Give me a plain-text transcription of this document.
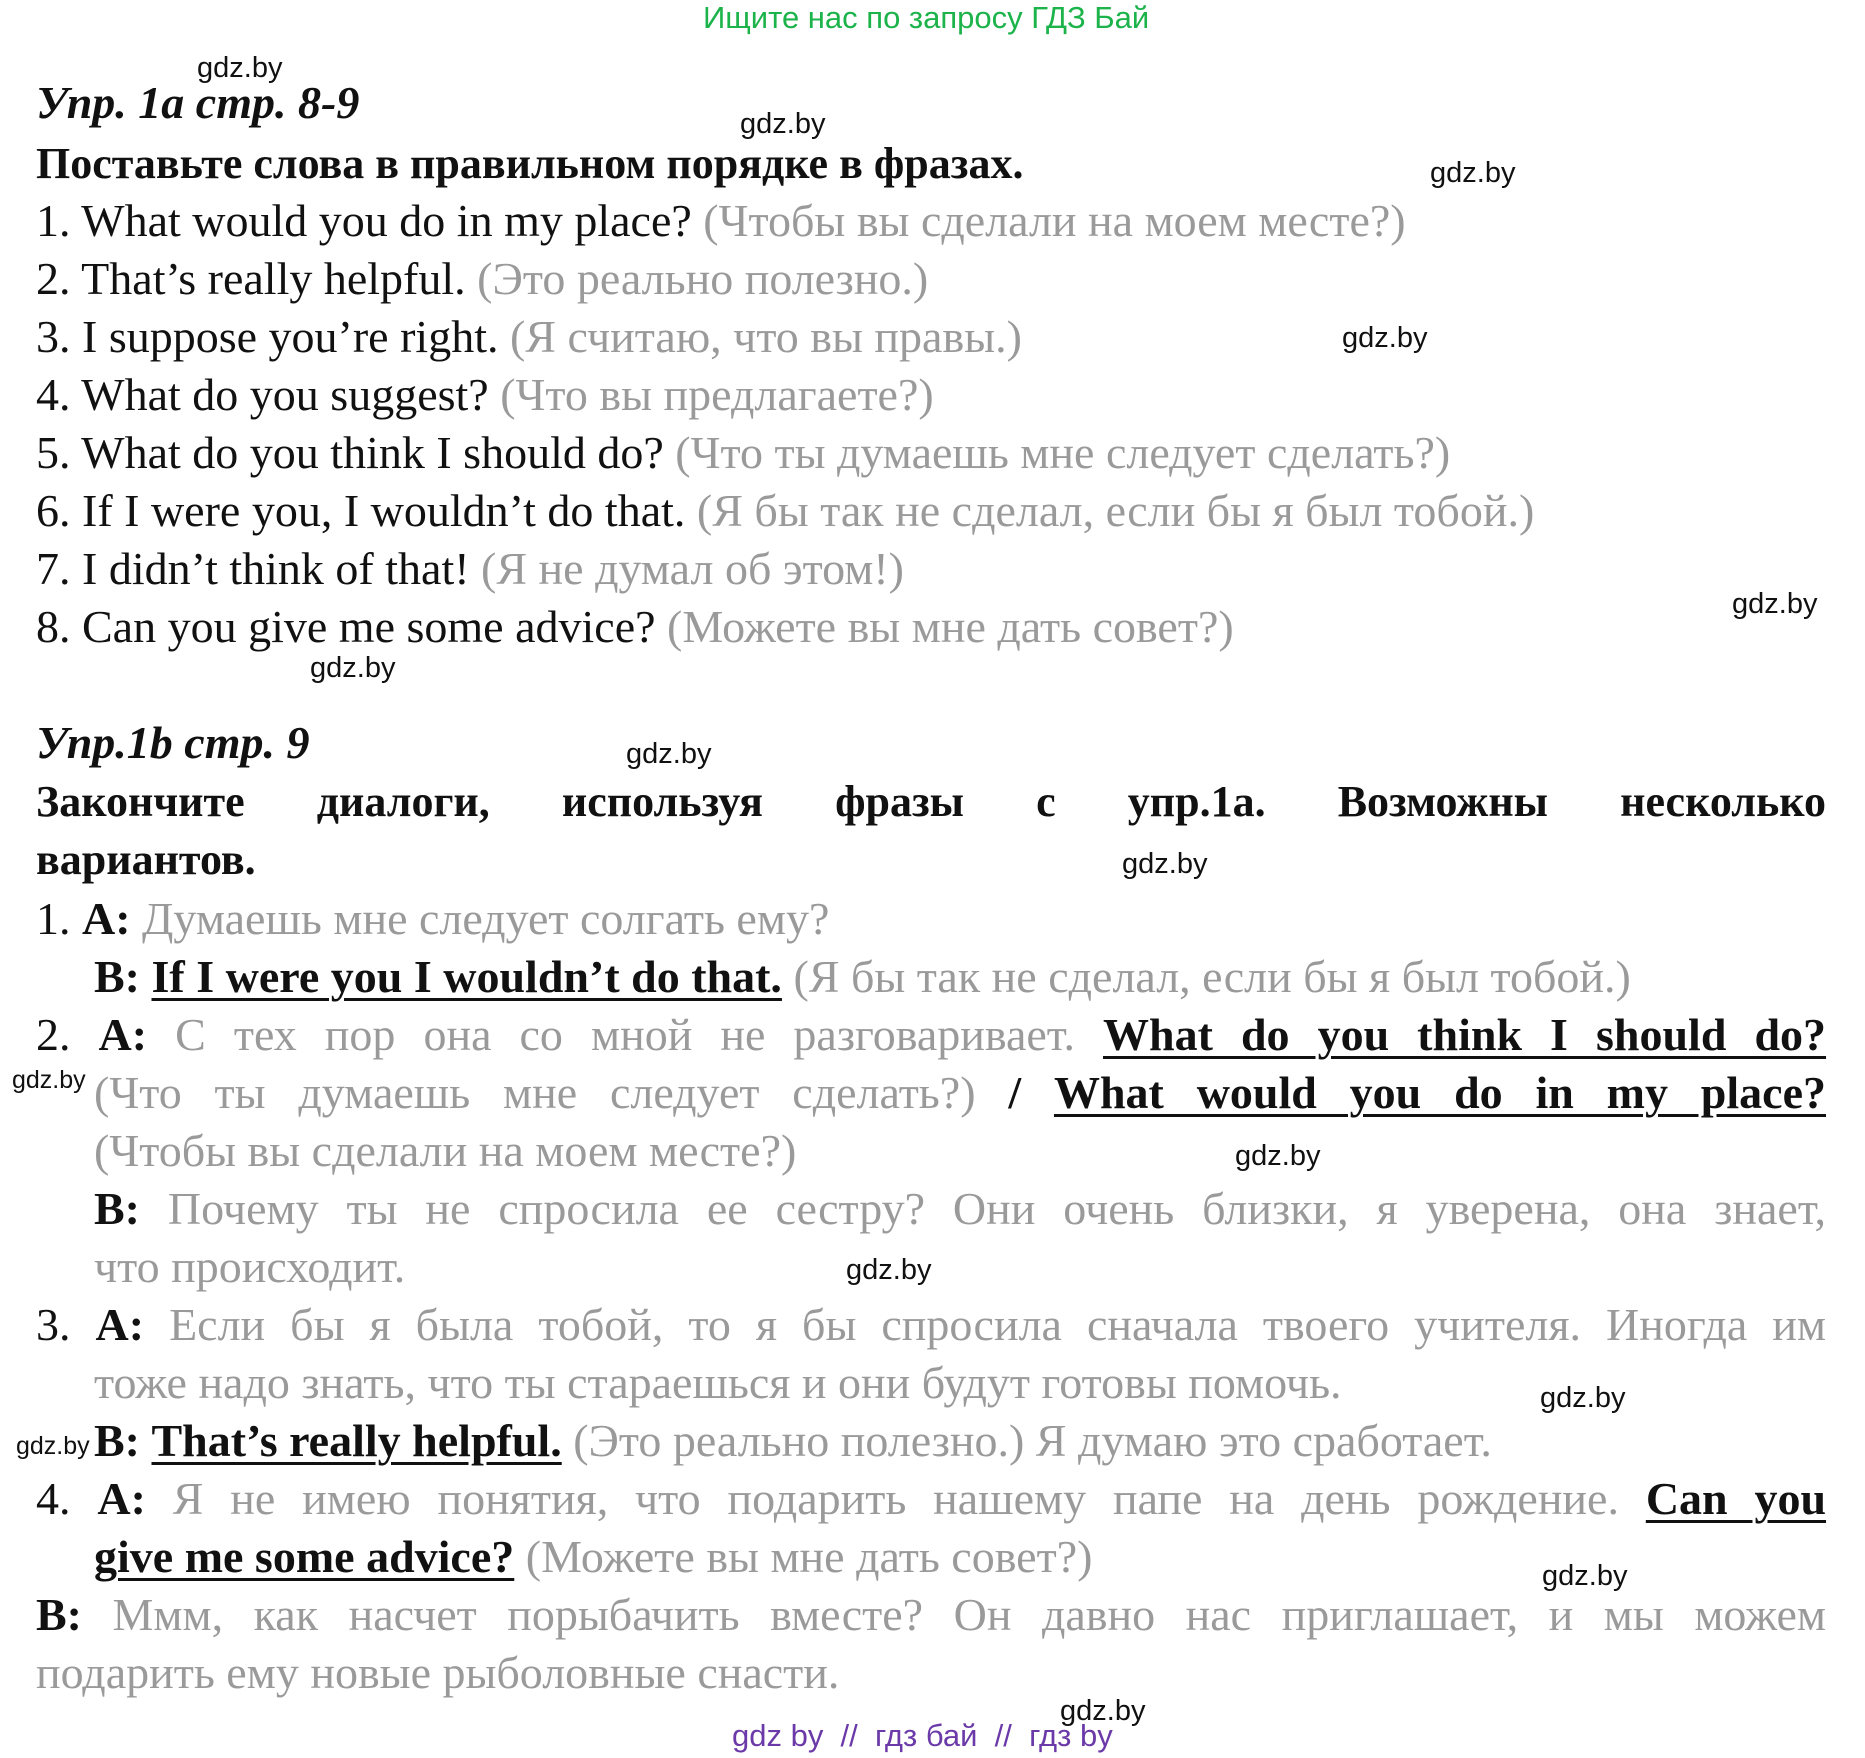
Ищите нас по запросу ГДЗ Бай
gdz.by
gdz.by
gdz.by
gdz.by
gdz.by
gdz.by
gdz.by
gdz.by
gdz.by
gdz.by
gdz.by
gdz.by
gdz.by
gdz.by
gdz.by
Упр. 1а стр. 8-9
Поставьте слова в правильном порядке в фразах.
1. What would you do in my place? (Чтобы вы сделали на моем месте?)
2. That’s really helpful. (Это реально полезно.)
3. I suppose you’re right. (Я считаю, что вы правы.)
4. What do you suggest? (Что вы предлагаете?)
5. What do you think I should do? (Что ты думаешь мне следует сделать?)
6. If I were you, I wouldn’t do that. (Я бы так не сделал, если бы я был тобой.)
7. I didn’t think of that! (Я не думал об этом!)
8. Can you give me some advice? (Можете вы мне дать совет?)
Упр.1b стр. 9
Закончите диалоги, используя фразы с упр.1а. Возможны несколько
вариантов.
1. A: Думаешь мне следует солгать ему?
B: If I were you I wouldn’t do that. (Я бы так не сделал, если бы я был тобой.)
2. A: С тех пор она со мной не разговаривает. What do you think I should do?
(Что ты думаешь мне следует сделать?) / What would you do in my place?
(Чтобы вы сделали на моем месте?)
B: Почему ты не спросила ее сестру? Они очень близки, я уверена, она знает,
что происходит.
3. A: Если бы я была тобой, то я бы спросила сначала твоего учителя. Иногда им
тоже надо знать, что ты стараешься и они будут готовы помочь.
B: That’s really helpful. (Это реально полезно.) Я думаю это сработает.
4. A: Я не имею понятия, что подарить нашему папе на день рождение. Can you
give me some advice? (Можете вы мне дать совет?)
B: Ммм, как насчет порыбачить вместе? Он давно нас приглашает, и мы можем
подарить ему новые рыболовные снасти.
gdz by  //  гдз бай  //  гдз by
